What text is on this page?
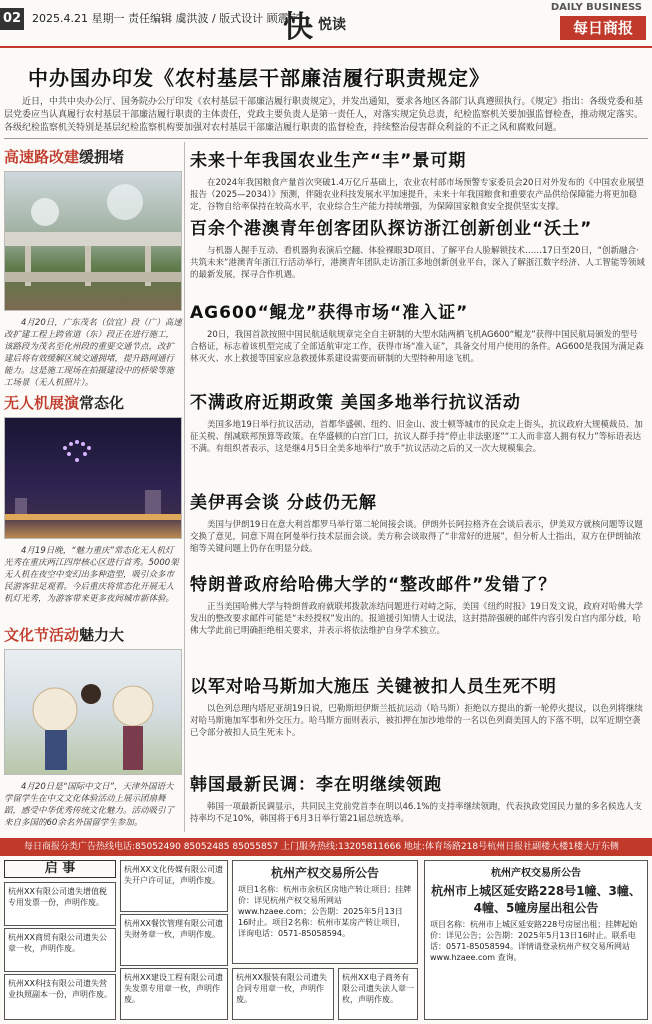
02 2025.4.21 星期一 责任编辑 虞洪波 / 版式设计 顾震宇
快 悦读
DAILY BUSINESS
每日商报
中办国办印发《农村基层干部廉洁履行职责规定》
近日，中共中央办公厅、国务院办公厅印发《农村基层干部廉洁履行职责规定》，并发出通知，要求各地区各部门认真遵照执行。《规定》指出：各级党委和基层党委应当认真履行农村基层干部廉洁履行职责的主体责任，党政主要负责人是第一责任人，对落实规定负总责，纪检监察机关要加强监督检查，推动规定落实。各级纪检监察机关特别是基层纪检监察机构要加强对农村基层干部廉洁履行职责的监督检查，持续整治侵害群众利益的不正之风和腐败问题。
高速路改建缓拥堵
4月20日，广东茂名（信宜）段（广）高速改扩建工程上跨省道（东）段正在进行施工，该路段为茂名至化州段的重要交通节点，改扩建后将有效缓解区域交通拥堵，提升路网通行能力。这是施工现场在拍摄建设中的桥梁等施工场景（无人机照片）。
无人机展演常态化
4月19日晚，“魅力重庆”常态化无人机灯光秀在重庆两江四岸核心区进行首秀。5000架无人机在夜空中变幻出多种造型，吸引众多市民游客驻足观看。今后重庆将常态化开展无人机灯光秀，为游客带来更多夜间城市新体验。
文化节活动魅力大
4月20日是“国际中文日”，天津外国语大学留学生在中文文化体验活动上展示团扇舞蹈，感受中华优秀传统文化魅力。活动吸引了来自多国的60余名外国留学生参加。
未来十年我国农业生产“丰”景可期
在2024年我国粮食产量首次突破1.4万亿斤基础上，农业农村部市场预警专家委员会20日对外发布的《中国农业展望报告（2025—2034）》预测，伴随农业科技发展水平加速提升，未来十年我国粮食和重要农产品供给保障能力将更加稳定，谷物自给率保持在较高水平，农业综合生产能力持续增强，为保障国家粮食安全提供坚实支撑。
百余个港澳青年创客团队探访浙江创新创业“沃土”
与机器人握手互动、看机器狗表演后空翻、体验裸眼3D项目、了解平台人脸解锁技术……17日至20日，“创新融合·共筑未来”港澳青年浙江行活动举行，港澳青年团队走访浙江多地创新创业平台，深入了解浙江数字经济、人工智能等领域的最新发展，探寻合作机遇。
AG600“鲲龙”获得市场“准入证”
20日，我国首款按照中国民航适航规章完全自主研制的大型水陆两栖飞机AG600“鲲龙”获得中国民航局颁发的型号合格证，标志着该机型完成了全部适航审定工作，获得市场“准入证”，具备交付用户使用的条件。AG600是我国为满足森林灭火、水上救援等国家应急救援体系建设需要而研制的大型特种用途飞机。
不满政府近期政策 美国多地举行抗议活动
美国多地19日举行抗议活动，首都华盛顿、纽约、旧金山、波士顿等城市的民众走上街头，抗议政府大规模裁员、加征关税、削减联邦预算等政策。在华盛顿的白宫门口，抗议人群手持“停止非法驱逐”“工人而非富人拥有权力”等标语表达不满。有组织者表示，这是继4月5日全美多地举行“放手”抗议活动之后的又一次大规模集会。
美伊再会谈 分歧仍无解
美国与伊朗19日在意大利首都罗马举行第二轮间接会谈。伊朗外长阿拉格齐在会谈后表示，伊美双方就核问题等议题交换了意见，同意下周在阿曼举行技术层面会谈。美方称会谈取得了“非常好的进展”，但分析人士指出，双方在伊朗铀浓缩等关键问题上仍存在明显分歧。
特朗普政府给哈佛大学的“整改邮件”发错了？
正当美国哈佛大学与特朗普政府就联邦拨款冻结问题进行对峙之际，美国《纽约时报》19日发文说，政府对哈佛大学发出的整改要求邮件可能是“未经授权”发出的。报道援引知情人士说法，这封措辞强硬的邮件内容引发白宫内部分歧，哈佛大学此前已明确拒绝相关要求，并表示将依法维护自身学术独立。
以军对哈马斯加大施压 关键被扣人员生死不明
以色列总理内塔尼亚胡19日说，巴勒斯坦伊斯兰抵抗运动（哈马斯）拒绝以方提出的新一轮停火提议，以色列将继续对哈马斯施加军事和外交压力。哈马斯方面则表示，被扣押在加沙地带的一名以色列裔美国人的下落不明，以军近期空袭已令部分被扣人员生死未卜。
韩国最新民调：李在明继续领跑
韩国一项最新民调显示，共同民主党前党首李在明以46.1%的支持率继续领跑，代表执政党国民力量的多名候选人支持率均不足10%，韩国将于6月3日举行第21届总统选举。
每日商报分类广告热线电话:85052490 85052485 85055857 上门服务热线:13205811666 地址:体育场路218号杭州日报社副楼大楼1楼大厅东侧
启 事
杭州XX有限公司遗失增值税专用发票一份，声明作废。
杭州XX商贸有限公司遗失公章一枚，声明作废。
杭州XX科技有限公司遗失营业执照副本一份，声明作废。
杭州XX文化传媒有限公司遗失开户许可证，声明作废。
杭州XX餐饮管理有限公司遗失财务章一枚，声明作废。
杭州XX建设工程有限公司遗失发票专用章一枚，声明作废。
杭州XX服装有限公司遗失合同专用章一枚，声明作废。
杭州XX电子商务有限公司遗失法人章一枚，声明作废。
杭州产权交易所公告

项目1名称：杭州市余杭区房地产转让项目；挂牌价：详见杭州产权交易所网站 www.hzaee.com；公告期：2025年5月13日16时止。项目2名称：杭州市某房产转让项目，详询电话：0571-85058594。

杭州产权交易所公告
杭州市上城区延安路228号1幢、3幢、4幢、5幢房屋出租公告

项目名称：杭州市上城区延安路228号房屋出租；挂牌起始价：详见公告；公告期：2025年5月13日16时止。联系电话：0571-85058594。详情请登录杭州产权交易所网站 www.hzaee.com 查询。
